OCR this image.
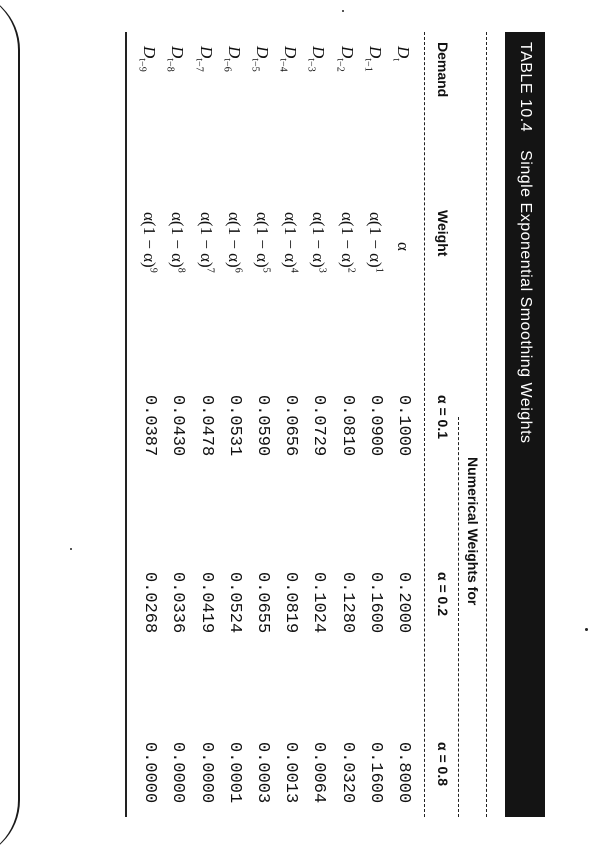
TABLE 10.4
Single Exponential Smoothing Weights
Numerical Weights for
Demand
Weight
α = 0.1
α = 0.2
α = 0.8
$D_t$
α
0.1000
0.2000
0.8000
$D_{t-1}$
$\alpha(1 - \alpha)^1$
0.0900
0.1600
0.1600
$D_{t-2}$
$\alpha(1 - \alpha)^2$
0.0810
0.1280
0.0320
$D_{t-3}$
$\alpha(1 - \alpha)^3$
0.0729
0.1024
0.0064
$D_{t-4}$
$\alpha(1 - \alpha)^4$
0.0656
0.0819
0.0013
$D_{t-5}$
$\alpha(1 - \alpha)^5$
0.0590
0.0655
0.0003
$D_{t-6}$
$\alpha(1 - \alpha)^6$
0.0531
0.0524
0.0001
$D_{t-7}$
$\alpha(1 - \alpha)^7$
0.0478
0.0419
0.0000
$D_{t-8}$
$\alpha(1 - \alpha)^8$
0.0430
0.0336
0.0000
$D_{t-9}$
$\alpha(1 - \alpha)^9$
0.0387
0.0268
0.0000
